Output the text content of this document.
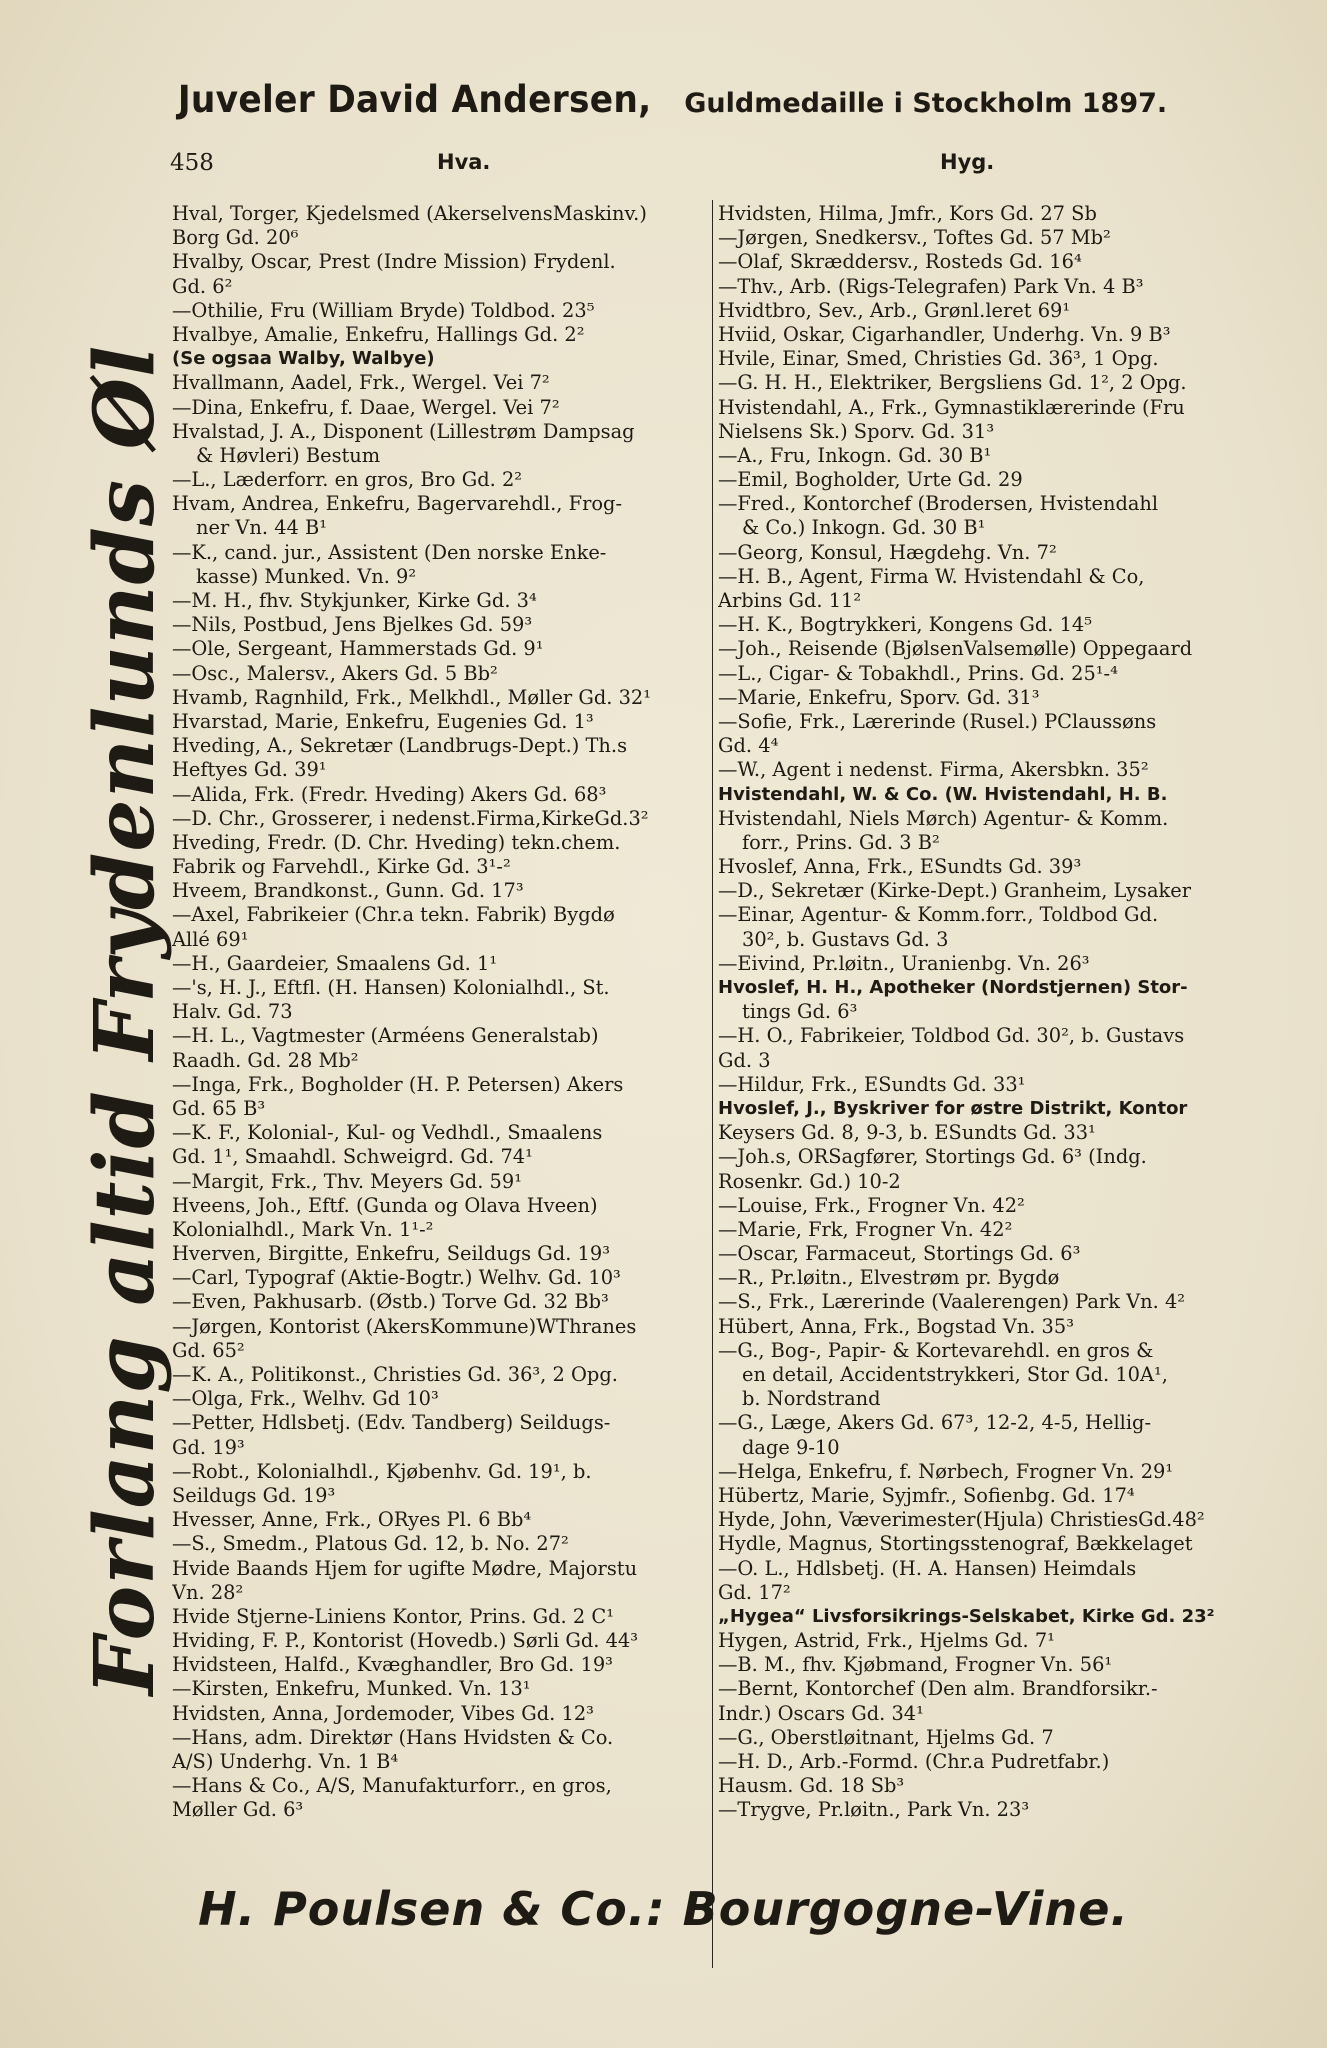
Juveler David Andersen, Guldmedaille i Stockholm 1897.
458	Hva.	Hyg.
Forlang altid Frydenlunds Øl
Hval, Torger, Kjedelsmed (AkerselvensMaskinv.)
Borg Gd. 20⁶
Hvalby, Oscar, Prest (Indre Mission) Frydenl.
Gd. 6²
—Othilie, Fru (William Bryde) Toldbod. 23⁵
Hvalbye, Amalie, Enkefru, Hallings Gd. 2²
(Se ogsaa Walby, Walbye)
Hvallmann, Aadel, Frk., Wergel. Vei 7²
—Dina, Enkefru, f. Daae, Wergel. Vei 7²
Hvalstad, J. A., Disponent (Lillestrøm Dampsag
& Høvleri) Bestum
—L., Læderforr. en gros, Bro Gd. 2²
Hvam, Andrea, Enkefru, Bagervarehdl., Frog-
ner Vn. 44 B¹
—K., cand. jur., Assistent (Den norske Enke-
kasse) Munked. Vn. 9²
—M. H., fhv. Stykjunker, Kirke Gd. 3⁴
—Nils, Postbud, Jens Bjelkes Gd. 59³
—Ole, Sergeant, Hammerstads Gd. 9¹
—Osc., Malersv., Akers Gd. 5 Bb²
Hvamb, Ragnhild, Frk., Melkhdl., Møller Gd. 32¹
Hvarstad, Marie, Enkefru, Eugenies Gd. 1³
Hveding, A., Sekretær (Landbrugs-Dept.) Th.s
Heftyes Gd. 39¹
—Alida, Frk. (Fredr. Hveding) Akers Gd. 68³
—D. Chr., Grosserer, i nedenst.Firma,KirkeGd.3²
Hveding, Fredr. (D. Chr. Hveding) tekn.chem.
Fabrik og Farvehdl., Kirke Gd. 3¹-²
Hveem, Brandkonst., Gunn. Gd. 17³
—Axel, Fabrikeier (Chr.a tekn. Fabrik) Bygdø
Allé 69¹
—H., Gaardeier, Smaalens Gd. 1¹
—'s, H. J., Eftfl. (H. Hansen) Kolonialhdl., St.
Halv. Gd. 73
—H. L., Vagtmester (Arméens Generalstab)
Raadh. Gd. 28 Mb²
—Inga, Frk., Bogholder (H. P. Petersen) Akers
Gd. 65 B³
—K. F., Kolonial-, Kul- og Vedhdl., Smaalens
Gd. 1¹, Smaahdl. Schweigrd. Gd. 74¹
—Margit, Frk., Thv. Meyers Gd. 59¹
Hveens, Joh., Eftf. (Gunda og Olava Hveen)
Kolonialhdl., Mark Vn. 1¹-²
Hverven, Birgitte, Enkefru, Seildugs Gd. 19³
—Carl, Typograf (Aktie-Bogtr.) Welhv. Gd. 10³
—Even, Pakhusarb. (Østb.) Torve Gd. 32 Bb³
—Jørgen, Kontorist (AkersKommune)WThranes
Gd. 65²
—K. A., Politikonst., Christies Gd. 36³, 2 Opg.
—Olga, Frk., Welhv. Gd 10³
—Petter, Hdlsbetj. (Edv. Tandberg) Seildugs-
Gd. 19³
—Robt., Kolonialhdl., Kjøbenhv. Gd. 19¹, b.
Seildugs Gd. 19³
Hvesser, Anne, Frk., ORyes Pl. 6 Bb⁴
—S., Smedm., Platous Gd. 12, b. No. 27²
Hvide Baands Hjem for ugifte Mødre, Majorstu
Vn. 28²
Hvide Stjerne-Liniens Kontor, Prins. Gd. 2 C¹
Hviding, F. P., Kontorist (Hovedb.) Sørli Gd. 44³
Hvidsteen, Halfd., Kvæghandler, Bro Gd. 19³
—Kirsten, Enkefru, Munked. Vn. 13¹
Hvidsten, Anna, Jordemoder, Vibes Gd. 12³
—Hans, adm. Direktør (Hans Hvidsten & Co.
A/S) Underhg. Vn. 1 B⁴
—Hans & Co., A/S, Manufakturforr., en gros,
Møller Gd. 6³
Hvidsten, Hilma, Jmfr., Kors Gd. 27 Sb
—Jørgen, Snedkersv., Toftes Gd. 57 Mb²
—Olaf, Skræddersv., Rosteds Gd. 16⁴
—Thv., Arb. (Rigs-Telegrafen) Park Vn. 4 B³
Hvidtbro, Sev., Arb., Grønl.leret 69¹
Hviid, Oskar, Cigarhandler, Underhg. Vn. 9 B³
Hvile, Einar, Smed, Christies Gd. 36³, 1 Opg.
—G. H. H., Elektriker, Bergsliens Gd. 1², 2 Opg.
Hvistendahl, A., Frk., Gymnastiklærerinde (Fru
Nielsens Sk.) Sporv. Gd. 31³
—A., Fru, Inkogn. Gd. 30 B¹
—Emil, Bogholder, Urte Gd. 29
—Fred., Kontorchef (Brodersen, Hvistendahl
& Co.) Inkogn. Gd. 30 B¹
—Georg, Konsul, Hægdehg. Vn. 7²
—H. B., Agent, Firma W. Hvistendahl & Co,
Arbins Gd. 11²
—H. K., Bogtrykkeri, Kongens Gd. 14⁵
—Joh., Reisende (BjølsenValsemølle) Oppegaard
—L., Cigar- & Tobakhdl., Prins. Gd. 25¹-⁴
—Marie, Enkefru, Sporv. Gd. 31³
—Sofie, Frk., Lærerinde (Rusel.) PClaussøns
Gd. 4⁴
—W., Agent i nedenst. Firma, Akersbkn. 35²
Hvistendahl, W. & Co. (W. Hvistendahl, H. B.
Hvistendahl, Niels Mørch) Agentur- & Komm.
forr., Prins. Gd. 3 B²
Hvoslef, Anna, Frk., ESundts Gd. 39³
—D., Sekretær (Kirke-Dept.) Granheim, Lysaker
—Einar, Agentur- & Komm.forr., Toldbod Gd.
30², b. Gustavs Gd. 3
—Eivind, Pr.løitn., Uranienbg. Vn. 26³
Hvoslef, H. H., Apotheker (Nordstjernen) Stor-
tings Gd. 6³
—H. O., Fabrikeier, Toldbod Gd. 30², b. Gustavs
Gd. 3
—Hildur, Frk., ESundts Gd. 33¹
Hvoslef, J., Byskriver for østre Distrikt, Kontor
Keysers Gd. 8, 9-3, b. ESundts Gd. 33¹
—Joh.s, ORSagfører, Stortings Gd. 6³ (Indg.
Rosenkr. Gd.) 10-2
—Louise, Frk., Frogner Vn. 42²
—Marie, Frk, Frogner Vn. 42²
—Oscar, Farmaceut, Stortings Gd. 6³
—R., Pr.løitn., Elvestrøm pr. Bygdø
—S., Frk., Lærerinde (Vaalerengen) Park Vn. 4²
Hübert, Anna, Frk., Bogstad Vn. 35³
—G., Bog-, Papir- & Kortevarehdl. en gros &
en detail, Accidentstrykkeri, Stor Gd. 10A¹,
b. Nordstrand
—G., Læge, Akers Gd. 67³, 12-2, 4-5, Hellig-
dage 9-10
—Helga, Enkefru, f. Nørbech, Frogner Vn. 29¹
Hübertz, Marie, Syjmfr., Sofienbg. Gd. 17⁴
Hyde, John, Væverimester(Hjula) ChristiesGd.48²
Hydle, Magnus, Stortingsstenograf, Bækkelaget
—O. L., Hdlsbetj. (H. A. Hansen) Heimdals
Gd. 17²
„Hygea“ Livsforsikrings-Selskabet, Kirke Gd. 23²
Hygen, Astrid, Frk., Hjelms Gd. 7¹
—B. M., fhv. Kjøbmand, Frogner Vn. 56¹
—Bernt, Kontorchef (Den alm. Brandforsikr.-
Indr.) Oscars Gd. 34¹
—G., Oberstløitnant, Hjelms Gd. 7
—H. D., Arb.-Formd. (Chr.a Pudretfabr.)
Hausm. Gd. 18 Sb³
—Trygve, Pr.løitn., Park Vn. 23³
H. Poulsen & Co.: Bourgogne-Vine.
